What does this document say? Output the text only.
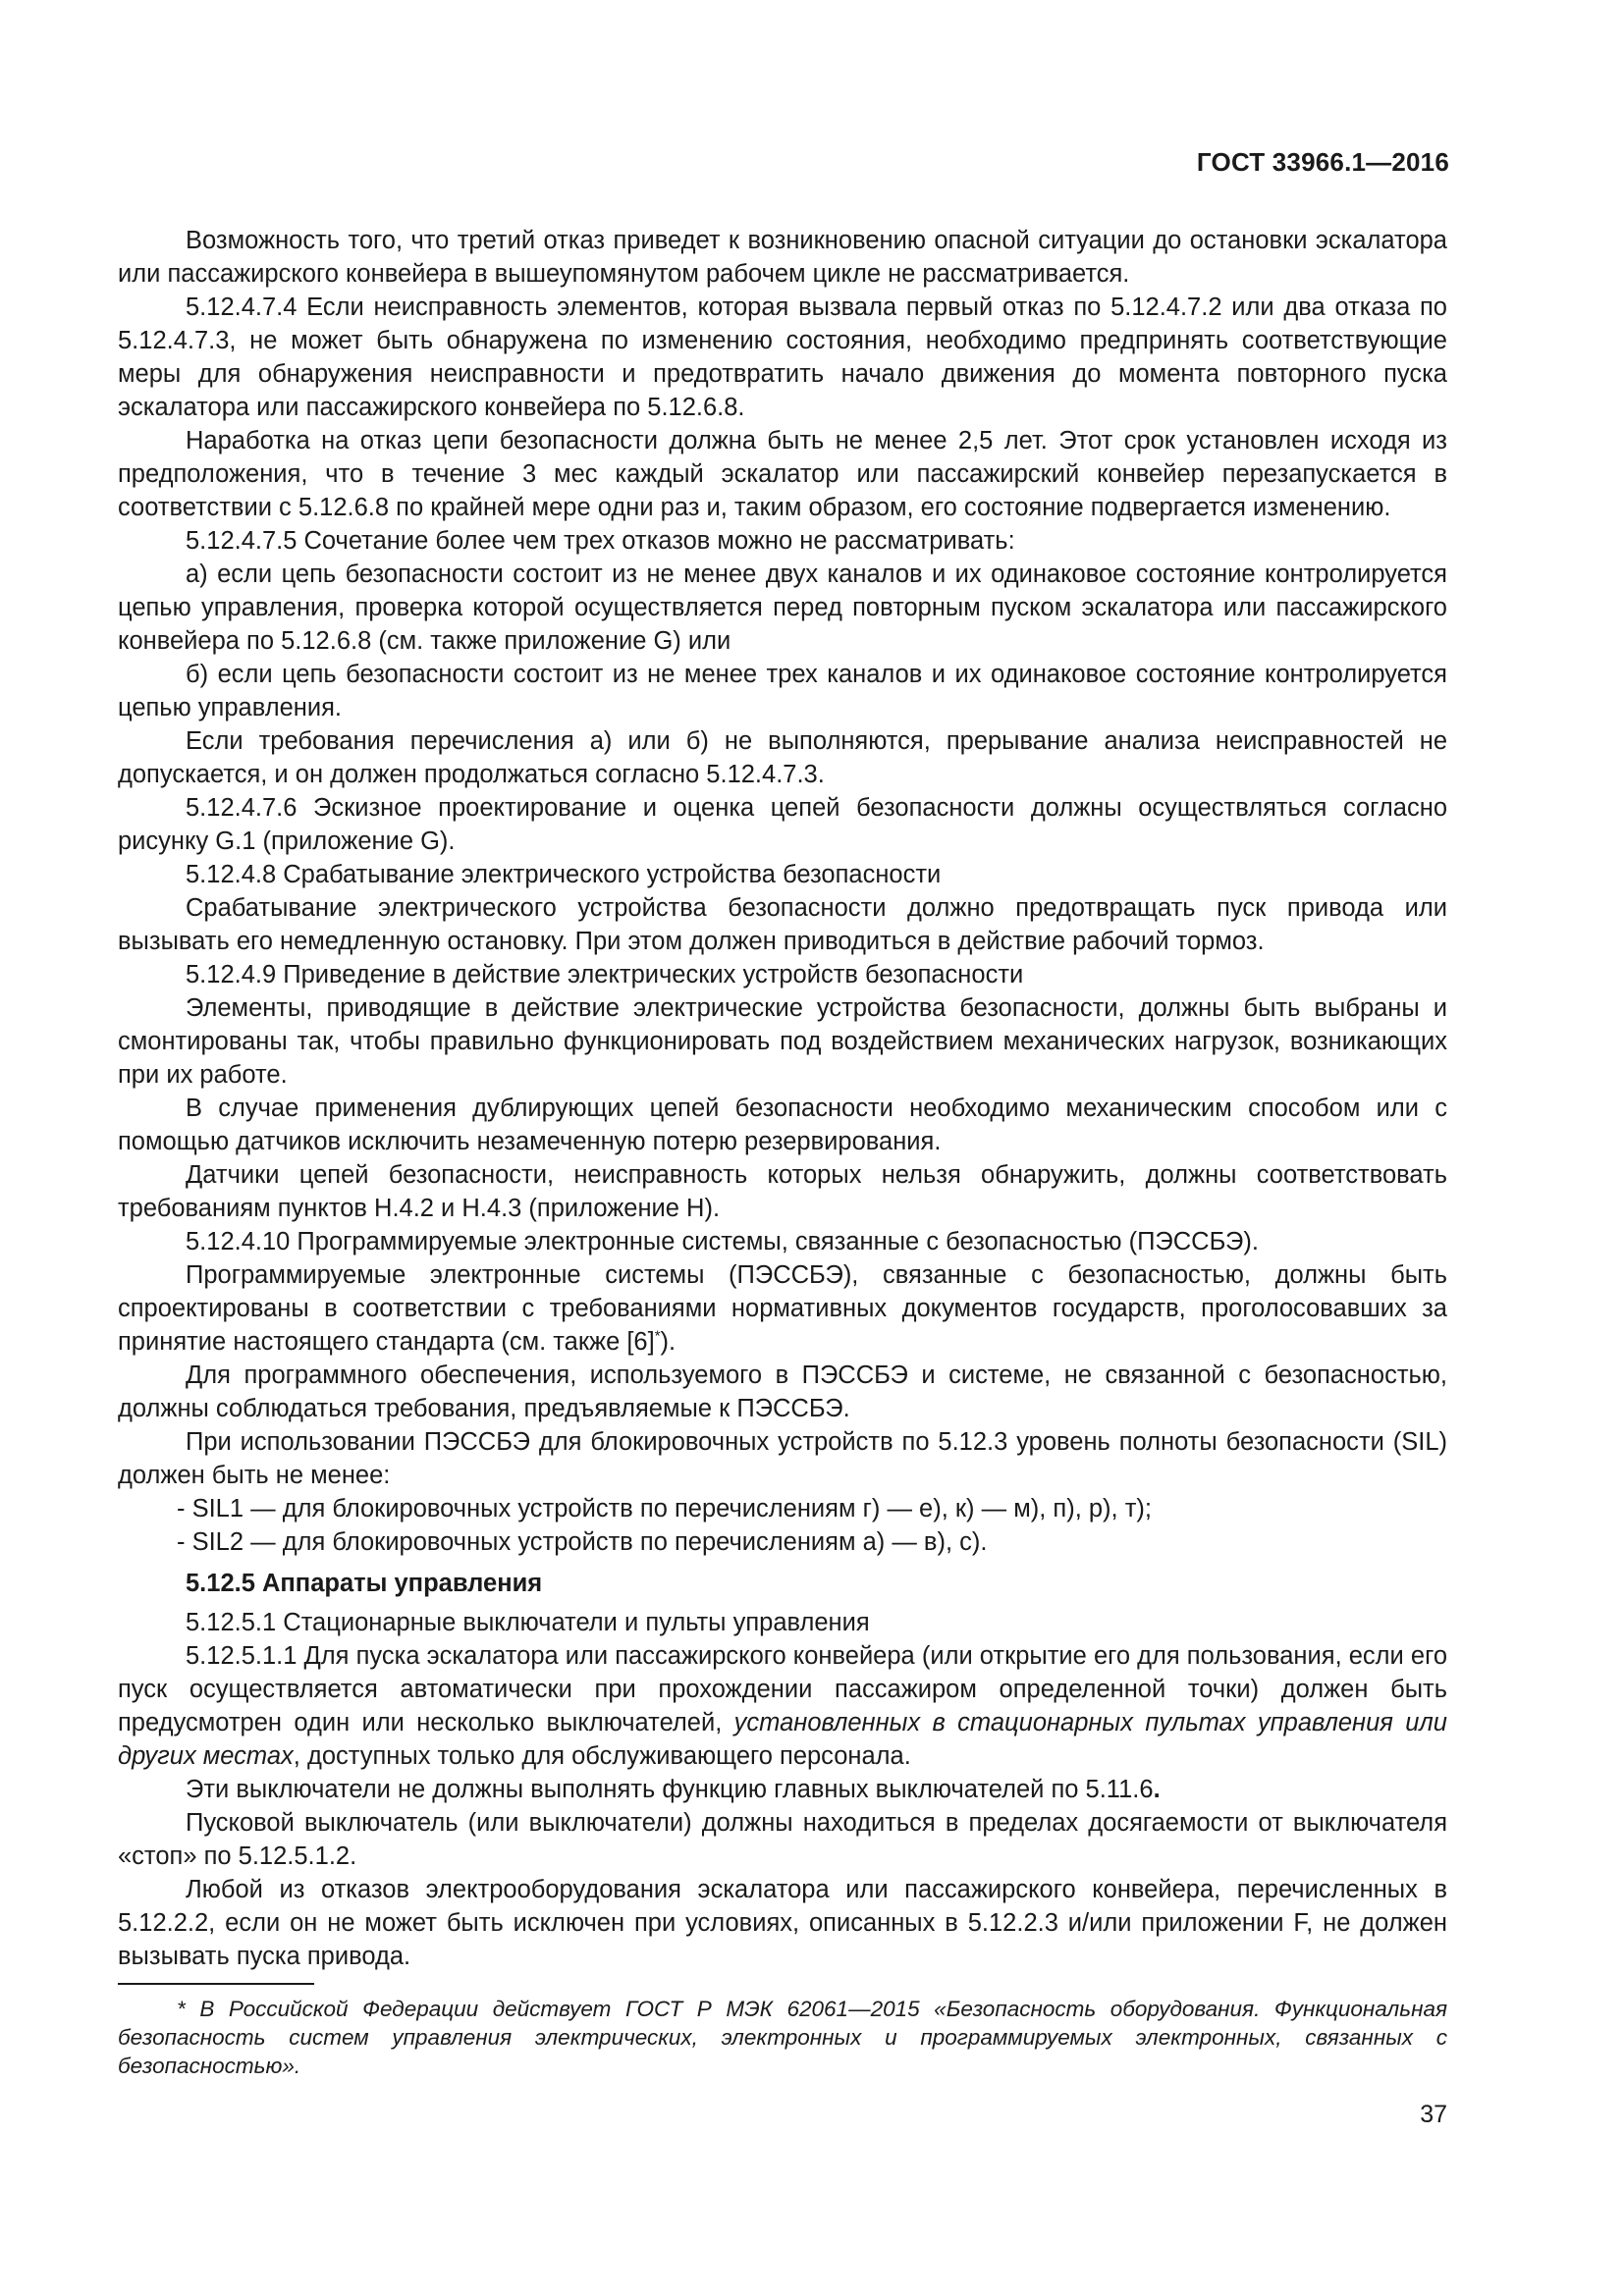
ГОСТ 33966.1—2016

Возможность того, что третий отказ приведет к возникновению опасной ситуации до остановки эскалатора или пассажирского конвейера в вышеупомянутом рабочем цикле не рассматривается.

5.12.4.7.4 Если неисправность элементов, которая вызвала первый отказ по 5.12.4.7.2 или два отказа по 5.12.4.7.3, не может быть обнаружена по изменению состояния, необходимо предпринять соответствующие меры для обнаружения неисправности и предотвратить начало движения до момента повторного пуска эскалатора или пассажирского конвейера по 5.12.6.8.

Наработка на отказ цепи безопасности должна быть не менее 2,5 лет. Этот срок установлен исходя из предположения, что в течение 3 мес каждый эскалатор или пассажирский конвейер перезапускается в соответствии с 5.12.6.8 по крайней мере одни раз и, таким образом, его состояние подвергается изменению.

5.12.4.7.5 Сочетание более чем трех отказов можно не рассматривать:

а) если цепь безопасности состоит из не менее двух каналов и их одинаковое состояние контролируется цепью управления, проверка которой осуществляется перед повторным пуском эскалатора или пассажирского конвейера по 5.12.6.8 (см. также приложение G) или

б) если цепь безопасности состоит из не менее трех каналов и их одинаковое состояние контролируется цепью управления.

Если требования перечисления а) или б) не выполняются, прерывание анализа неисправностей не допускается, и он должен продолжаться согласно 5.12.4.7.3.

5.12.4.7.6 Эскизное проектирование и оценка цепей безопасности должны осуществляться согласно рисунку G.1 (приложение G).

5.12.4.8 Срабатывание электрического устройства безопасности

Срабатывание электрического устройства безопасности должно предотвращать пуск привода или вызывать его немедленную остановку. При этом должен приводиться в действие рабочий тормоз.

5.12.4.9 Приведение в действие электрических устройств безопасности

Элементы, приводящие в действие электрические устройства безопасности, должны быть выбраны и смонтированы так, чтобы правильно функционировать под воздействием механических нагрузок, возникающих при их работе.

В случае применения дублирующих цепей безопасности необходимо механическим способом или с помощью датчиков исключить незамеченную потерю резервирования.

Датчики цепей безопасности, неисправность которых нельзя обнаружить, должны соответствовать требованиям пунктов Н.4.2 и Н.4.3 (приложение Н).

5.12.4.10 Программируемые электронные системы, связанные с безопасностью (ПЭССБЭ).

Программируемые электронные системы (ПЭССБЭ), связанные с безопасностью, должны быть спроектированы в соответствии с требованиями нормативных документов государств, проголосовавших за принятие настоящего стандарта (см. также [6]*).

Для программного обеспечения, используемого в ПЭССБЭ и системе, не связанной с безопасностью, должны соблюдаться требования, предъявляемые к ПЭССБЭ.

При использовании ПЭССБЭ для блокировочных устройств по 5.12.3 уровень полноты безопасности (SIL) должен быть не менее:

- SIL1 — для блокировочных устройств по перечислениям г) — е), к) — м), п), р), т);

- SIL2 — для блокировочных устройств по перечислениям а) — в), с).

5.12.5 Аппараты управления

5.12.5.1 Стационарные выключатели и пульты управления

5.12.5.1.1 Для пуска эскалатора или пассажирского конвейера (или открытие его для пользования, если его пуск осуществляется автоматически при прохождении пассажиром определенной точки) должен быть предусмотрен один или несколько выключателей, установленных в стационарных пультах управления или других местах, доступных только для обслуживающего персонала.

Эти выключатели не должны выполнять функцию главных выключателей по 5.11.6.

Пусковой выключатель (или выключатели) должны находиться в пределах досягаемости от выключателя «стоп» по 5.12.5.1.2.

Любой из отказов электрооборудования эскалатора или пассажирского конвейера, перечисленных в 5.12.2.2, если он не может быть исключен при условиях, описанных в 5.12.2.3 и/или приложении F, не должен вызывать пуска привода.

* В Российской Федерации действует ГОСТ Р МЭК 62061—2015 «Безопасность оборудования. Функциональная безопасность систем управления электрических, электронных и программируемых электронных, связанных с безопасностью».

37
